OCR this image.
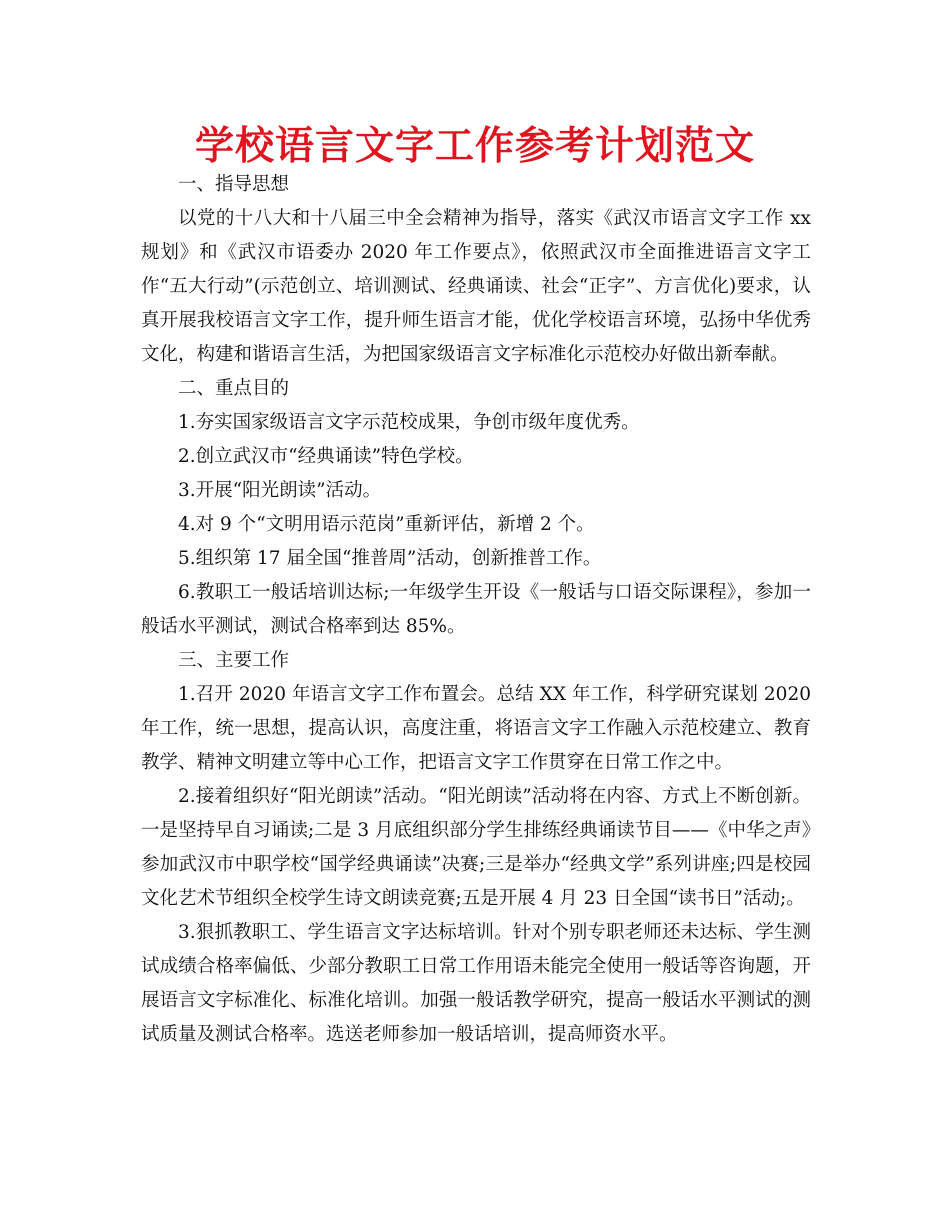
学校语言文字工作参考计划范文

一、指导思想

以党的十八大和十八届三中全会精神为指导，落实《武汉市语言文字工作 xx 规划》和《武汉市语委办 2020 年工作要点》，依照武汉市全面推进语言文字工作“五大行动”(示范创立、培训测试、经典诵读、社会“正字”、方言优化)要求，认真开展我校语言文字工作，提升师生语言才能，优化学校语言环境，弘扬中华优秀文化，构建和谐语言生活，为把国家级语言文字标准化示范校办好做出新奉献。

二、重点目的

1.夯实国家级语言文字示范校成果，争创市级年度优秀。

2.创立武汉市“经典诵读”特色学校。

3.开展“阳光朗读”活动。

4.对 9 个“文明用语示范岗”重新评估，新增 2 个。

5.组织第 17 届全国“推普周”活动，创新推普工作。

6.教职工一般话培训达标;一年级学生开设《一般话与口语交际课程》，参加一般话水平测试，测试合格率到达 85%。

三、主要工作

1.召开 2020 年语言文字工作布置会。总结 XX 年工作，科学研究谋划 2020 年工作，统一思想，提高认识，高度注重，将语言文字工作融入示范校建立、教育教学、精神文明建立等中心工作，把语言文字工作贯穿在日常工作之中。

2.接着组织好“阳光朗读”活动。“阳光朗读”活动将在内容、方式上不断创新。一是坚持早自习诵读;二是 3 月底组织部分学生排练经典诵读节目——《中华之声》参加武汉市中职学校“国学经典诵读”决赛;三是举办“经典文学”系列讲座;四是校园文化艺术节组织全校学生诗文朗读竞赛;五是开展 4 月 23 日全国“读书日”活动;。

3.狠抓教职工、学生语言文字达标培训。针对个别专职老师还未达标、学生测试成绩合格率偏低、少部分教职工日常工作用语未能完全使用一般话等咨询题，开展语言文字标准化、标准化培训。加强一般话教学研究，提高一般话水平测试的测试质量及测试合格率。选送老师参加一般话培训，提高师资水平。
